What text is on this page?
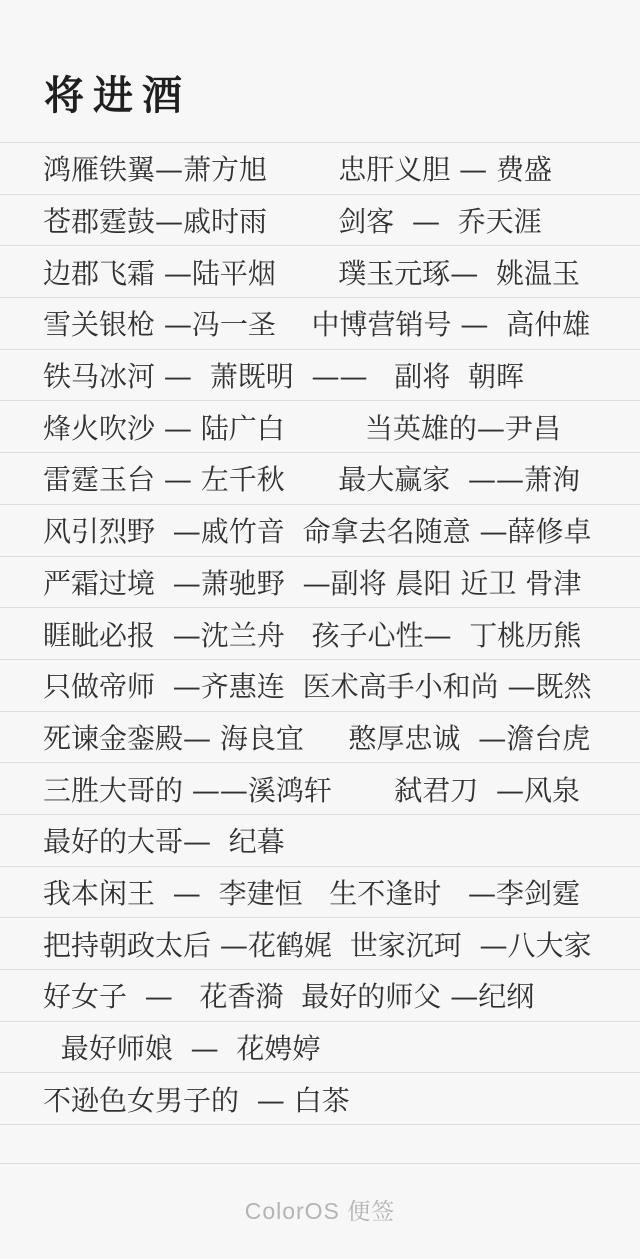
将进酒
鸿雁铁翼—萧方旭        忠肝义胆 — 费盛
苍郡霆鼓—戚时雨        剑客  —  乔天涯
边郡飞霜 —陆平烟       璞玉元琢—  姚温玉
雪关银枪 —冯一圣    中博营销号 —  高仲雄
铁马冰河 —  萧既明  ——   副将  朝晖
烽火吹沙 — 陆广白         当英雄的—尹昌
雷霆玉台 — 左千秋      最大赢家  ——萧洵
风引烈野  —戚竹音  命拿去名随意 —薛修卓
严霜过境  —萧驰野  —副将 晨阳 近卫 骨津
睚眦必报  —沈兰舟   孩子心性—  丁桃历熊
只做帝师  —齐惠连  医术高手小和尚 —既然
死谏金銮殿— 海良宜     憨厚忠诚  —澹台虎
三胜大哥的 ——溪鸿轩       弑君刀  —风泉
最好的大哥—  纪暮
我本闲王  —  李建恒   生不逢时   —李剑霆
把持朝政太后 —花鹤娓  世家沉珂  —八大家
好女子  —   花香漪  最好的师父 —纪纲
最好师娘  —  花娉婷
不逊色女男子的  — 白茶
ColorOS 便签
